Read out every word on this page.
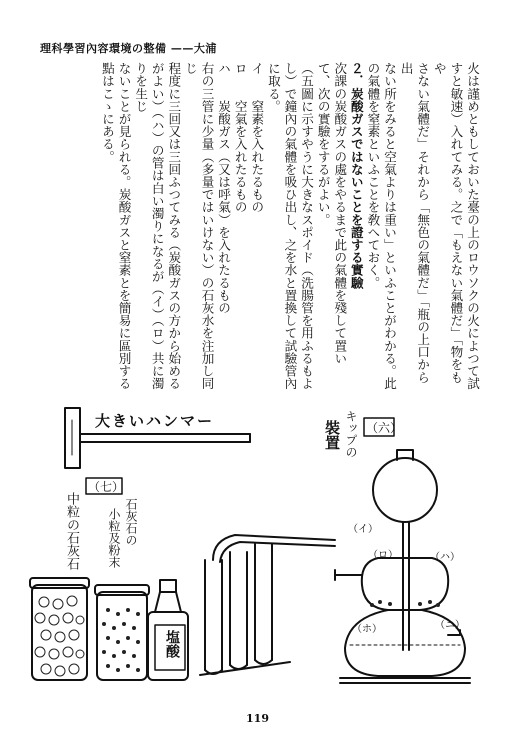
理科學習內容環境の整備 ——大浦

火は謹めともしておいた臺の上のロウソクの火によつて試

すと敏速）入れてみる。之で「もえない氣體だ」「物をもや

さない氣體だ」それから「無色の氣體だ」「瓶の上口から出

ない所をみると空氣よりは重い」といふことがわかる。此

の氣體を窒素といふことを敎へておく。

２．炭酸ガスではないことを證する實驗

次課の炭酸ガスの處をやるまで此の氣體を殘して置い

て、次の實驗をするがよい。

（五圖に示すやうに大きなスポイド（洗腸管を用ふるもよ

し）で鐘內の氣體を吸ひ出し、之を水と置換して試驗管內

に取る。

イ　　窒素を入れたるもの

ロ　　空氣を入れたるもの

ハ　　炭酸ガス（又は呼氣）を入れたるもの

右の三管に少量（多量ではいけない）の石灰水を注加し同じ

程度に三回又は三回ふつてみる（炭酸ガスの方から始める

がよい）（ハ）の管は白い濁りになるが（イ）（ロ）共に濁りを生じ

ないことが見られる。炭酸ガスと窒素とを簡易に區別する

點はこゝにある。

大きいハンマー
（七）
石灰石の
小粒及粉末
中粒の石灰石
塩酸
（六）
キップの
裝置
（イ）
（ロ）	（ハ）
（ホ）	（ニ）
119
